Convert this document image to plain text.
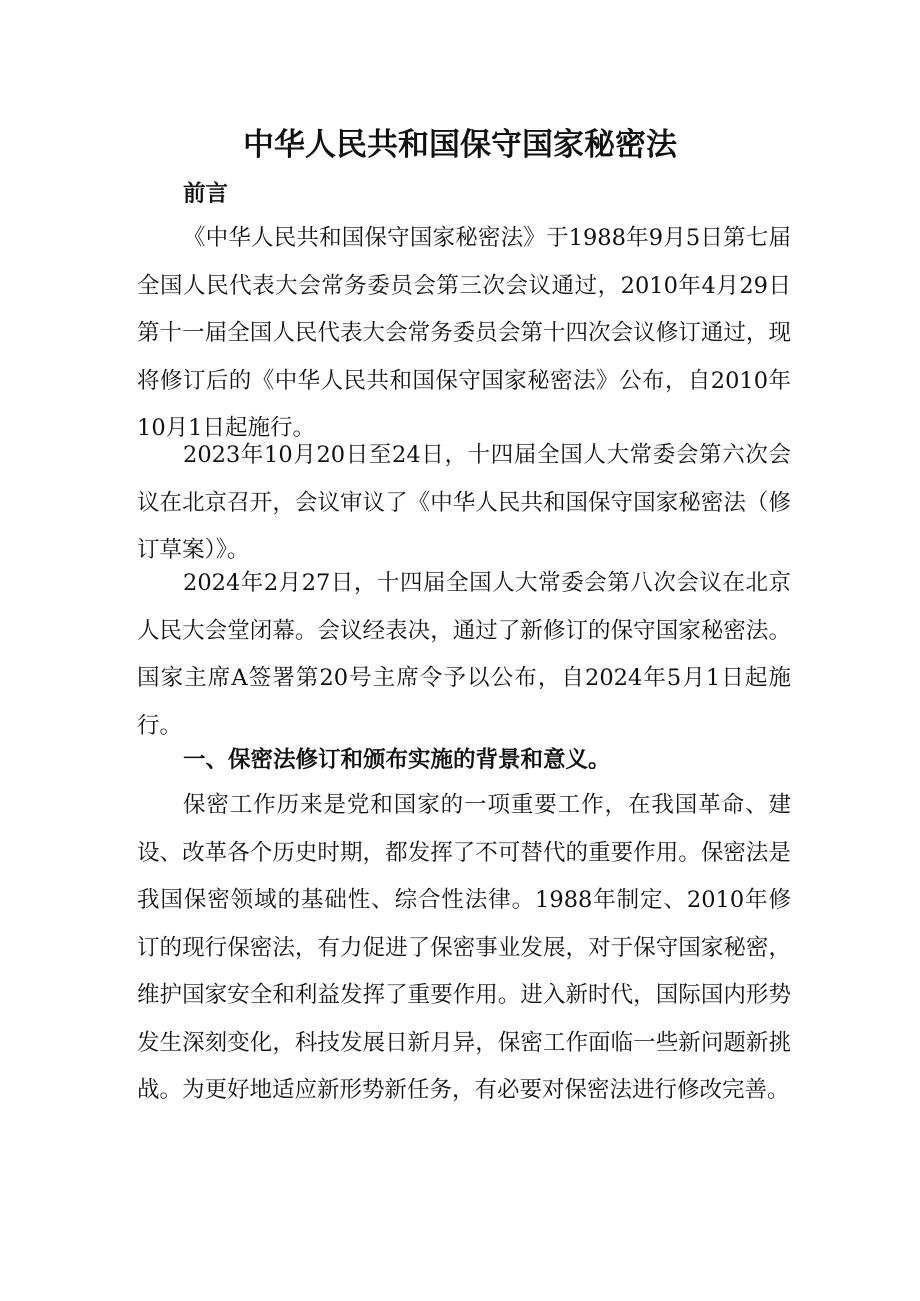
中华人民共和国保守国家秘密法
前言

《中华人民共和国保守国家秘密法》于1988年9月5日第七届全国人民代表大会常务委员会第三次会议通过，2010年4月29日第十一届全国人民代表大会常务委员会第十四次会议修订通过，现将修订后的《中华人民共和国保守国家秘密法》公布，自2010年10月1日起施行。

2023年10月20日至24日，十四届全国人大常委会第六次会议在北京召开，会议审议了《中华人民共和国保守国家秘密法（修订草案）》。

2024年2月27日，十四届全国人大常委会第八次会议在北京人民大会堂闭幕。会议经表决，通过了新修订的保守国家秘密法。国家主席A签署第20号主席令予以公布，自2024年5月1日起施行。

一、保密法修订和颁布实施的背景和意义。

保密工作历来是党和国家的一项重要工作，在我国革命、建设、改革各个历史时期，都发挥了不可替代的重要作用。保密法是我国保密领域的基础性、综合性法律。1988年制定、2010年修订的现行保密法，有力促进了保密事业发展，对于保守国家秘密，维护国家安全和利益发挥了重要作用。进入新时代，国际国内形势发生深刻变化，科技发展日新月异，保密工作面临一些新问题新挑战。为更好地适应新形势新任务，有必要对保密法进行修改完善。
